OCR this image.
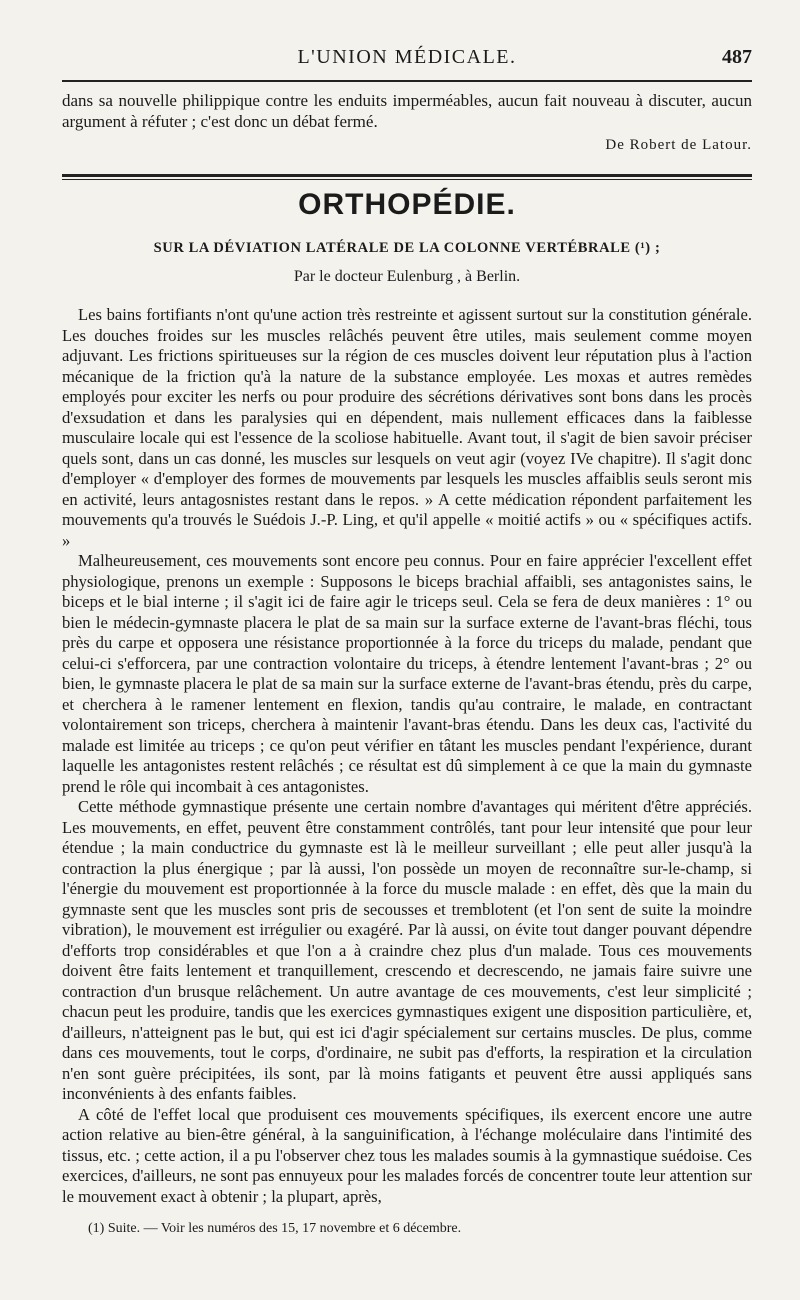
L'UNION MÉDICALE.	487

dans sa nouvelle philippique contre les enduits imperméables, aucun fait nouveau à discuter, aucun argument à réfuter ; c'est donc un débat fermé.

De Robert de Latour.
ORTHOPÉDIE.
SUR LA DÉVIATION LATÉRALE DE LA COLONNE VERTÉBRALE (¹) ;
Par le docteur Eulenburg , à Berlin.

Les bains fortifiants n'ont qu'une action très restreinte et agissent surtout sur la constitution générale. Les douches froides sur les muscles relâchés peuvent être utiles, mais seulement comme moyen adjuvant. Les frictions spiritueuses sur la région de ces muscles doivent leur réputation plus à l'action mécanique de la friction qu'à la nature de la substance employée. Les moxas et autres remèdes employés pour exciter les nerfs ou pour produire des sécrétions dérivatives sont bons dans les procès d'exsudation et dans les paralysies qui en dépendent, mais nullement efficaces dans la faiblesse musculaire locale qui est l'essence de la scoliose habituelle. Avant tout, il s'agit de bien savoir préciser quels sont, dans un cas donné, les muscles sur lesquels on veut agir (voyez IVe chapitre). Il s'agit donc d'employer « d'employer des formes de mouvements par lesquels les muscles affaiblis seuls seront mis en activité, leurs antagosnistes restant dans le repos. » A cette médication répondent parfaitement les mouvements qu'a trouvés le Suédois J.-P. Ling, et qu'il appelle « moitié actifs » ou « spécifiques actifs. »

Malheureusement, ces mouvements sont encore peu connus. Pour en faire apprécier l'excellent effet physiologique, prenons un exemple : Supposons le biceps brachial affaibli, ses antagonistes sains, le biceps et le bial interne ; il s'agit ici de faire agir le triceps seul. Cela se fera de deux manières : 1° ou bien le médecin-gymnaste placera le plat de sa main sur la surface externe de l'avant-bras fléchi, tous près du carpe et opposera une résistance proportionnée à la force du triceps du malade, pendant que celui-ci s'efforcera, par une contraction volontaire du triceps, à étendre lentement l'avant-bras ; 2° ou bien, le gymnaste placera le plat de sa main sur la surface externe de l'avant-bras étendu, près du carpe, et cherchera à le ramener lentement en flexion, tandis qu'au contraire, le malade, en contractant volontairement son triceps, cherchera à maintenir l'avant-bras étendu. Dans les deux cas, l'activité du malade est limitée au triceps ; ce qu'on peut vérifier en tâtant les muscles pendant l'expérience, durant laquelle les antagonistes restent relâchés ; ce résultat est dû simplement à ce que la main du gymnaste prend le rôle qui incombait à ces antagonistes.

Cette méthode gymnastique présente une certain nombre d'avantages qui méritent d'être appréciés. Les mouvements, en effet, peuvent être constamment contrôlés, tant pour leur intensité que pour leur étendue ; la main conductrice du gymnaste est là le meilleur surveillant ; elle peut aller jusqu'à la contraction la plus énergique ; par là aussi, l'on possède un moyen de reconnaître sur-le-champ, si l'énergie du mouvement est proportionnée à la force du muscle malade : en effet, dès que la main du gymnaste sent que les muscles sont pris de secousses et tremblotent (et l'on sent de suite la moindre vibration), le mouvement est irrégulier ou exagéré. Par là aussi, on évite tout danger pouvant dépendre d'efforts trop considérables et que l'on a à craindre chez plus d'un malade. Tous ces mouvements doivent être faits lentement et tranquillement, crescendo et decrescendo, ne jamais faire suivre une contraction d'un brusque relâchement. Un autre avantage de ces mouvements, c'est leur simplicité ; chacun peut les produire, tandis que les exercices gymnastiques exigent une disposition particulière, et, d'ailleurs, n'atteignent pas le but, qui est ici d'agir spécialement sur certains muscles. De plus, comme dans ces mouvements, tout le corps, d'ordinaire, ne subit pas d'efforts, la respiration et la circulation n'en sont guère précipitées, ils sont, par là moins fatigants et peuvent être aussi appliqués sans inconvénients à des enfants faibles.

A côté de l'effet local que produisent ces mouvements spécifiques, ils exercent encore une autre action relative au bien-être général, à la sanguinification, à l'échange moléculaire dans l'intimité des tissus, etc. ; cette action, il a pu l'observer chez tous les malades soumis à la gymnastique suédoise. Ces exercices, d'ailleurs, ne sont pas ennuyeux pour les malades forcés de concentrer toute leur attention sur le mouvement exact à obtenir ; la plupart, après,

(1) Suite. — Voir les numéros des 15, 17 novembre et 6 décembre.
